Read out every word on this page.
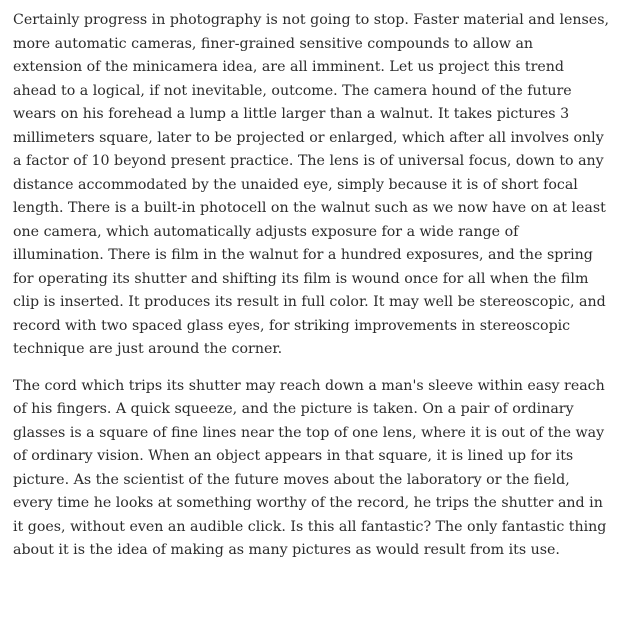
Certainly progress in photography is not going to stop. Faster material and lenses,
more automatic cameras, finer-grained sensitive compounds to allow an
extension of the minicamera idea, are all imminent. Let us project this trend
ahead to a logical, if not inevitable, outcome. The camera hound of the future
wears on his forehead a lump a little larger than a walnut. It takes pictures 3
millimeters square, later to be projected or enlarged, which after all involves only
a factor of 10 beyond present practice. The lens is of universal focus, down to any
distance accommodated by the unaided eye, simply because it is of short focal
length. There is a built-in photocell on the walnut such as we now have on at least
one camera, which automatically adjusts exposure for a wide range of
illumination. There is film in the walnut for a hundred exposures, and the spring
for operating its shutter and shifting its film is wound once for all when the film
clip is inserted. It produces its result in full color. It may well be stereoscopic, and
record with two spaced glass eyes, for striking improvements in stereoscopic
technique are just around the corner.

The cord which trips its shutter may reach down a man's sleeve within easy reach
of his fingers. A quick squeeze, and the picture is taken. On a pair of ordinary
glasses is a square of fine lines near the top of one lens, where it is out of the way
of ordinary vision. When an object appears in that square, it is lined up for its
picture. As the scientist of the future moves about the laboratory or the field,
every time he looks at something worthy of the record, he trips the shutter and in
it goes, without even an audible click. Is this all fantastic? The only fantastic thing
about it is the idea of making as many pictures as would result from its use.
